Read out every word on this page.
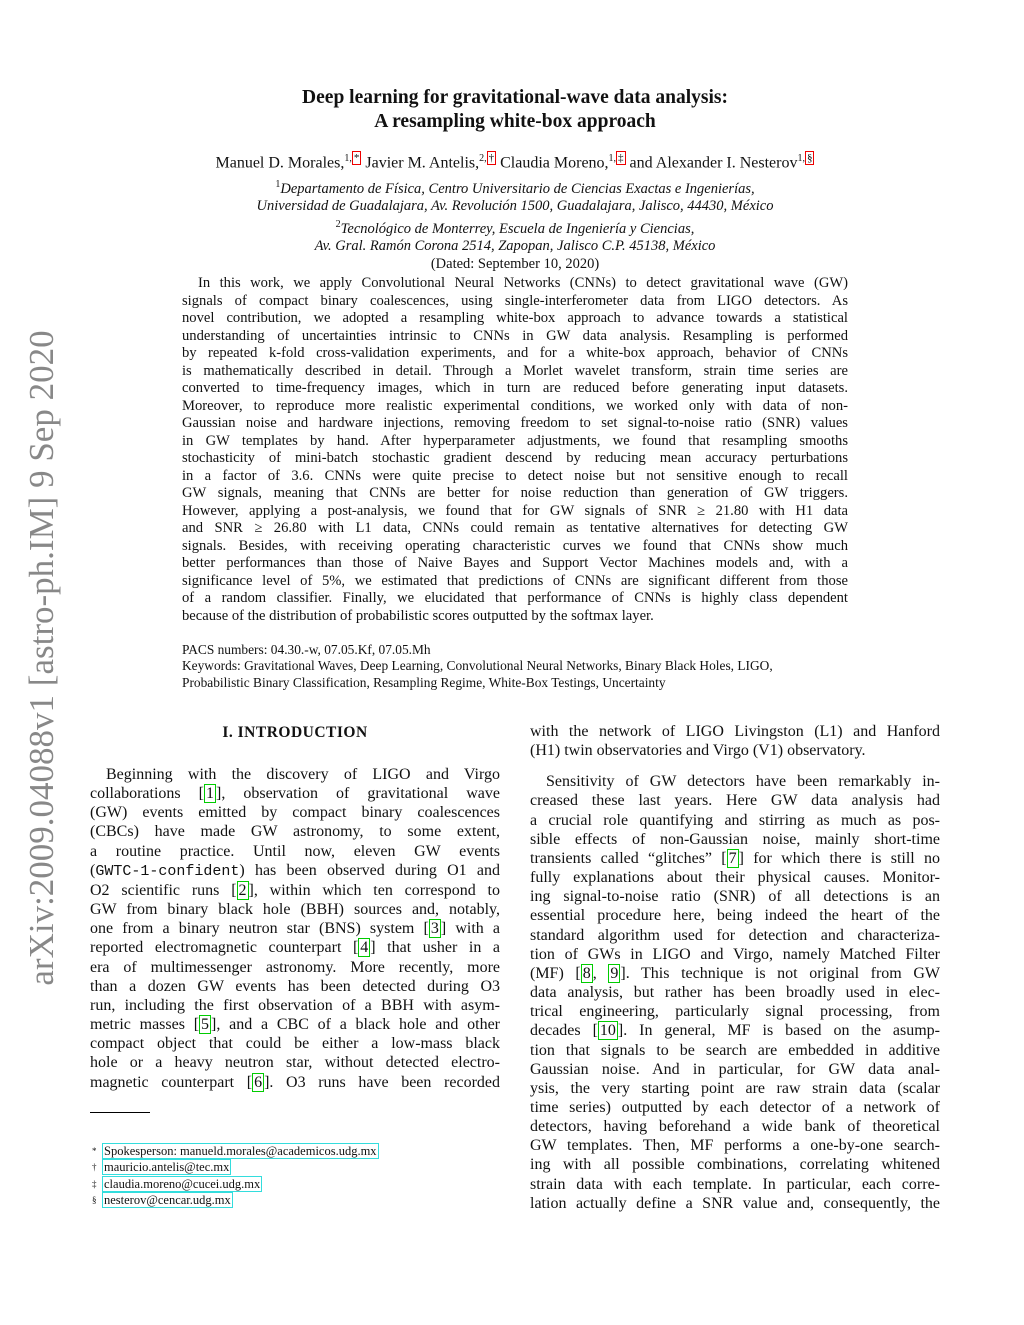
arXiv:2009.04088v1 [astro-ph.IM] 9 Sep 2020
Deep learning for gravitational-wave data analysis:
A resampling white-box approach
Manuel D. Morales,$^{1,}$ * Javier M. Antelis,$^{2,}$ † Claudia Moreno,$^{1,}$ ‡ and Alexander I. Nesterov$^{1,}$ §
$^1$Departamento de Física, Centro Universitario de Ciencias Exactas e Ingenierías,
Universidad de Guadalajara, Av. Revolución 1500, Guadalajara, Jalisco, 44430, México
$^2$Tecnológico de Monterrey, Escuela de Ingeniería y Ciencias,
Av. Gral. Ramón Corona 2514, Zapopan, Jalisco C.P. 45138, México
(Dated: September 10, 2020)
In this work, we apply Convolutional Neural Networks (CNNs) to detect gravitational wave (GW)
signals of compact binary coalescences, using single-interferometer data from LIGO detectors. As
novel contribution, we adopted a resampling white-box approach to advance towards a statistical
understanding of uncertainties intrinsic to CNNs in GW data analysis. Resampling is performed
by repeated k-fold cross-validation experiments, and for a white-box approach, behavior of CNNs
is mathematically described in detail. Through a Morlet wavelet transform, strain time series are
converted to time-frequency images, which in turn are reduced before generating input datasets.
Moreover, to reproduce more realistic experimental conditions, we worked only with data of non-
Gaussian noise and hardware injections, removing freedom to set signal-to-noise ratio (SNR) values
in GW templates by hand. After hyperparameter adjustments, we found that resampling smooths
stochasticity of mini-batch stochastic gradient descend by reducing mean accuracy perturbations
in a factor of 3.6. CNNs were quite precise to detect noise but not sensitive enough to recall
GW signals, meaning that CNNs are better for noise reduction than generation of GW triggers.
However, applying a post-analysis, we found that for GW signals of SNR ≥ 21.80 with H1 data
and SNR ≥ 26.80 with L1 data, CNNs could remain as tentative alternatives for detecting GW
signals. Besides, with receiving operating characteristic curves we found that CNNs show much
better performances than those of Naive Bayes and Support Vector Machines models and, with a
significance level of 5%, we estimated that predictions of CNNs are significant different from those
of a random classifier. Finally, we elucidated that performance of CNNs is highly class dependent
because of the distribution of probabilistic scores outputted by the softmax layer.
PACS numbers: 04.30.-w, 07.05.Kf, 07.05.Mh
Keywords: Gravitational Waves, Deep Learning, Convolutional Neural Networks, Binary Black Holes, LIGO,
Probabilistic Binary Classification, Resampling Regime, White-Box Testings, Uncertainty
I. INTRODUCTION
Beginning with the discovery of LIGO and Virgo
collaborations [ 1 ], observation of gravitational wave
(GW) events emitted by compact binary coalescences
(CBCs) have made GW astronomy, to some extent,
a routine practice. Until now, eleven GW events
(GWTC-1-confident) has been observed during O1 and
O2 scientific runs [ 2 ], within which ten correspond to
GW from binary black hole (BBH) sources and, notably,
one from a binary neutron star (BNS) system [ 3 ] with a
reported electromagnetic counterpart [ 4 ] that usher in a
era of multimessenger astronomy. More recently, more
than a dozen GW events has been detected during O3
run, including the first observation of a BBH with asym-
metric masses [ 5 ], and a CBC of a black hole and other
compact object that could be either a low-mass black
hole or a heavy neutron star, without detected electro-
magnetic counterpart [ 6 ]. O3 runs have been recorded
with the network of LIGO Livingston (L1) and Hanford
(H1) twin observatories and Virgo (V1) observatory.
Sensitivity of GW detectors have been remarkably in-
creased these last years. Here GW data analysis had
a crucial role quantifying and stirring as much as pos-
sible effects of non-Gaussian noise, mainly short-time
transients called “glitches” [ 7 ] for which there is still no
fully explanations about their physical causes. Monitor-
ing signal-to-noise ratio (SNR) of all detections is an
essential procedure here, being indeed the heart of the
standard algorithm used for detection and characteriza-
tion of GWs in LIGO and Virgo, namely Matched Filter
(MF) [ 8 , 9 ]. This technique is not original from GW
data analysis, but rather has been broadly used in elec-
trical engineering, particularly signal processing, from
decades [ 10 ]. In general, MF is based on the asump-
tion that signals to be search are embedded in additive
Gaussian noise. And in particular, for GW data anal-
ysis, the very starting point are raw strain data (scalar
time series) outputted by each detector of a network of
detectors, having beforehand a wide bank of theoretical
GW templates. Then, MF performs a one-by-one search-
ing with all possible combinations, correlating whitened
strain data with each template. In particular, each corre-
lation actually define a SNR value and, consequently, the
* Spokesperson: manueld.morales@academicos.udg.mx
† mauricio.antelis@tec.mx
‡ claudia.moreno@cucei.udg.mx
§ nesterov@cencar.udg.mx
